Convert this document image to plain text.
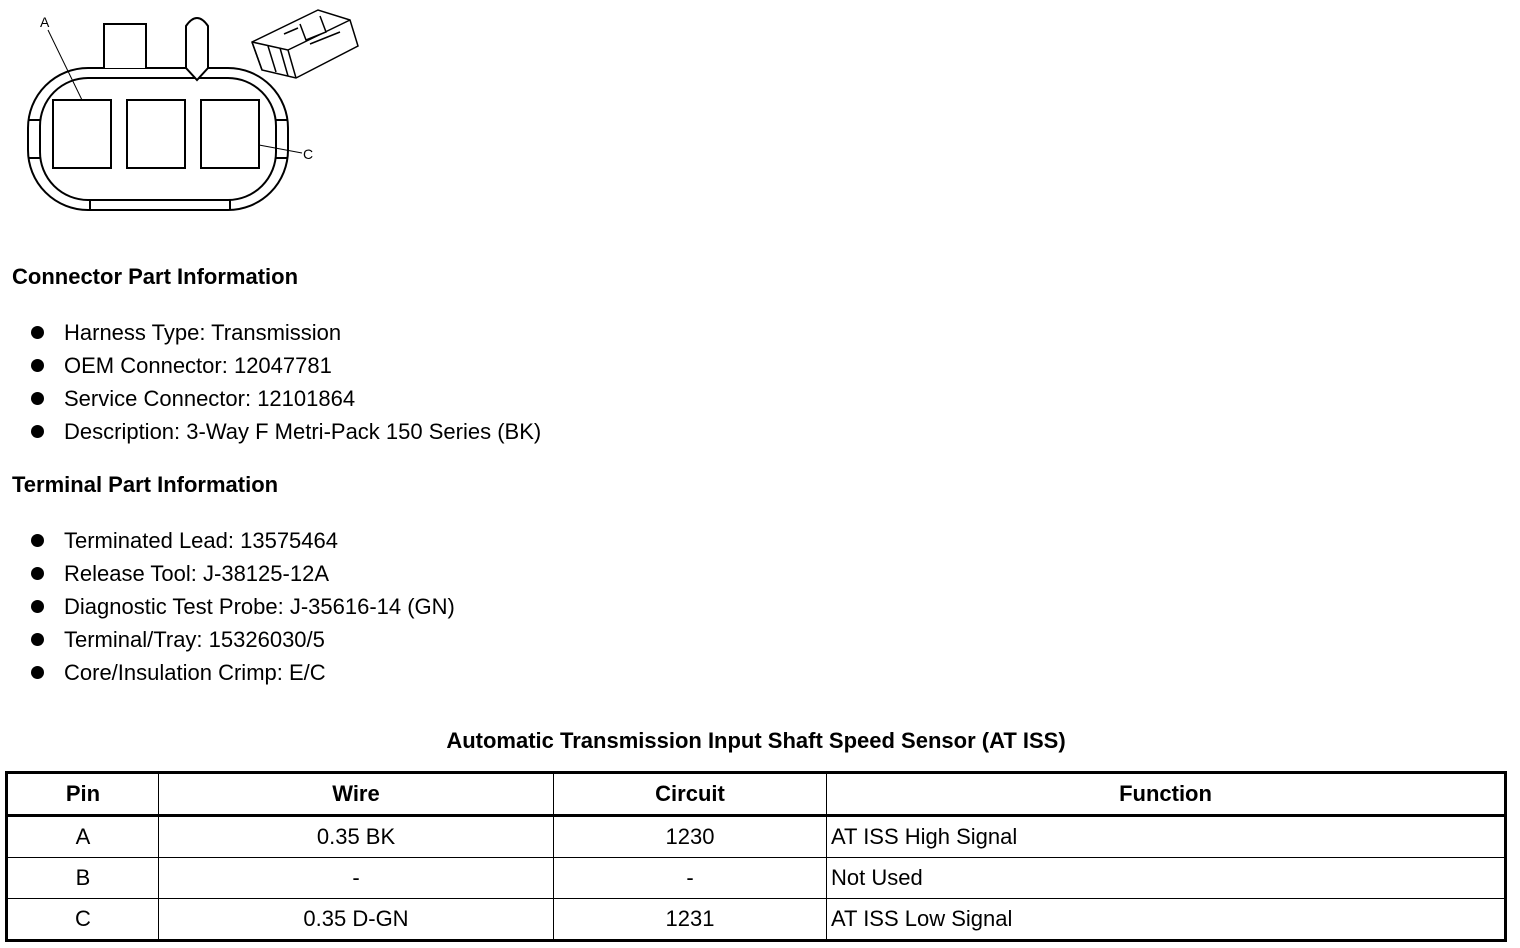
A
C
Connector Part Information
Harness Type: Transmission
OEM Connector: 12047781
Service Connector: 12101864
Description: 3-Way F Metri-Pack 150 Series (BK)
Terminal Part Information
Terminated Lead: 13575464
Release Tool: J-38125-12A
Diagnostic Test Probe: J-35616-14 (GN)
Terminal/Tray: 15326030/5
Core/Insulation Crimp: E/C
Automatic Transmission Input Shaft Speed Sensor (AT ISS)
Pin	Wire	Circuit	Function
A	0.35 BK	1230	AT ISS High Signal
B	-	-	Not Used
C	0.35 D-GN	1231	AT ISS Low Signal
